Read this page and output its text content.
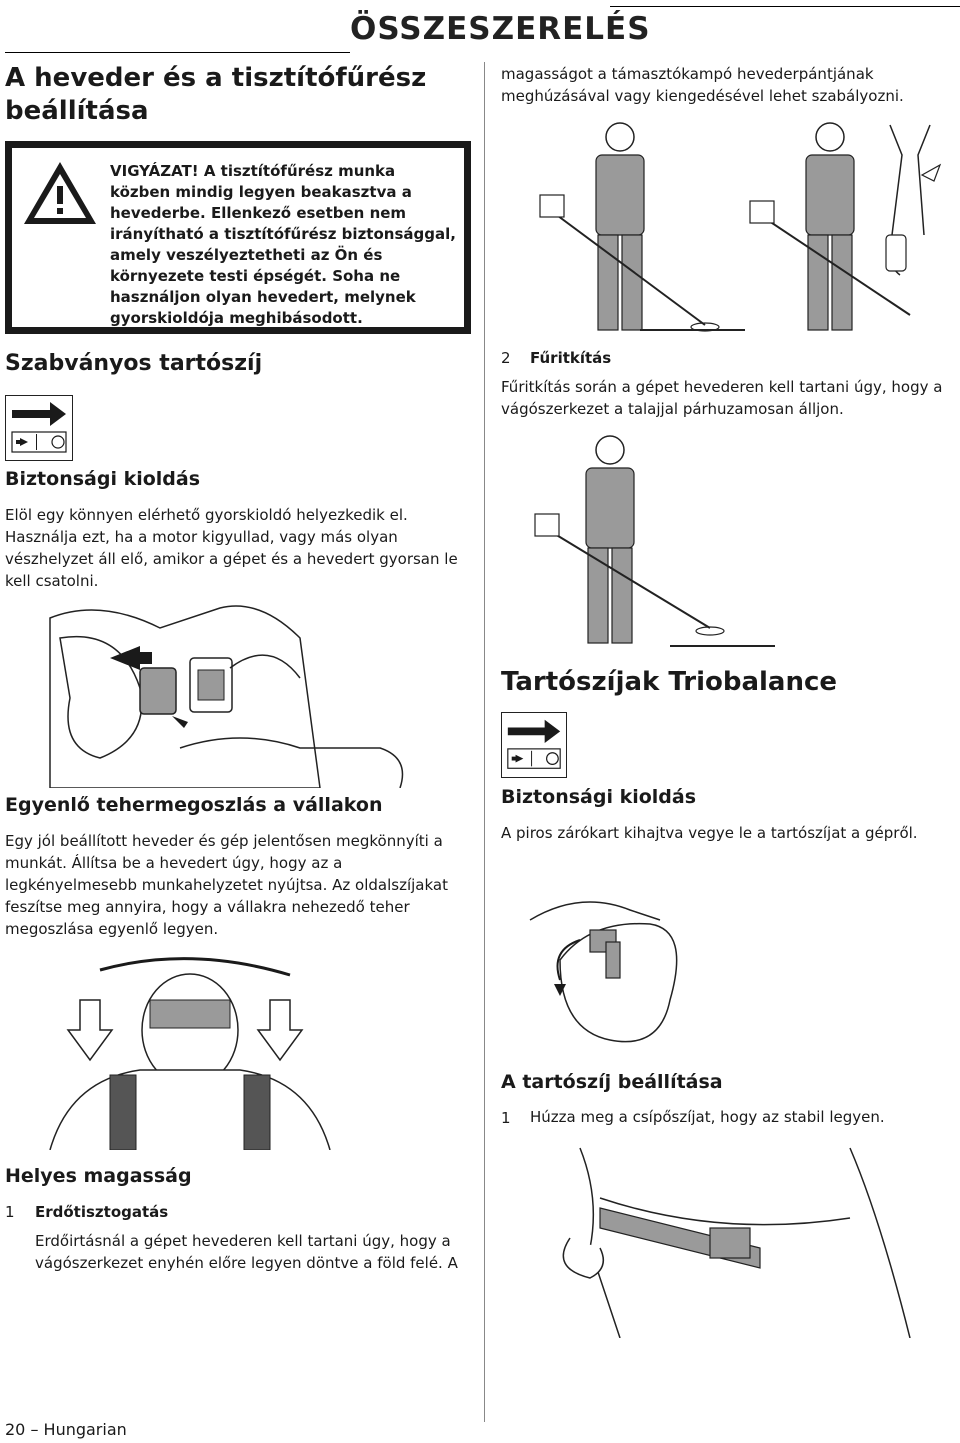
ÖSSZESZERELÉS
A heveder és a tisztítófűrész beállítása
VIGYÁZAT! A tisztítófűrész munka közben mindig legyen beakasztva a hevederbe. Ellenkező esetben nem irányítható a tisztítófűrész biztonsággal, amely veszélyeztetheti az Ön és környezete testi épségét. Soha ne használjon olyan hevedert, melynek gyorskioldója meghibásodott.
Szabványos tartószíj
Biztonsági kioldás
Elöl egy könnyen elérhető gyorskioldó helyezkedik el. Használja ezt, ha a motor kigyullad, vagy más olyan vészhelyzet áll elő, amikor a gépet és a hevedert gyorsan le kell csatolni.
Egyenlő tehermegoszlás a vállakon
Egy jól beállított heveder és gép jelentősen megkönnyíti a munkát. Állítsa be a hevedert úgy, hogy az a legkényelmesebb munkahelyzetet nyújtsa. Az oldalszíjakat feszítse meg annyira, hogy a vállakra nehezedő teher megoszlása egyenlő legyen.
Helyes magasság
1	Erdőtisztogatás
Erdőirtásnál a gépet hevederen kell tartani úgy, hogy a vágószerkezet enyhén előre legyen döntve a föld felé. A
magasságot a támasztókampó hevederpántjának meghúzásával vagy kiengedésével lehet szabályozni.
2	Fűritkítás
Fűritkítás során a gépet hevederen kell tartani úgy, hogy a vágószerkezet a talajjal párhuzamosan álljon.
Tartószíjak Triobalance
Biztonsági kioldás
A piros zárókart kihajtva vegye le a tartószíjat a gépről.
A tartószíj beállítása
1	Húzza meg a csípőszíjat, hogy az stabil legyen.
20 – Hungarian
